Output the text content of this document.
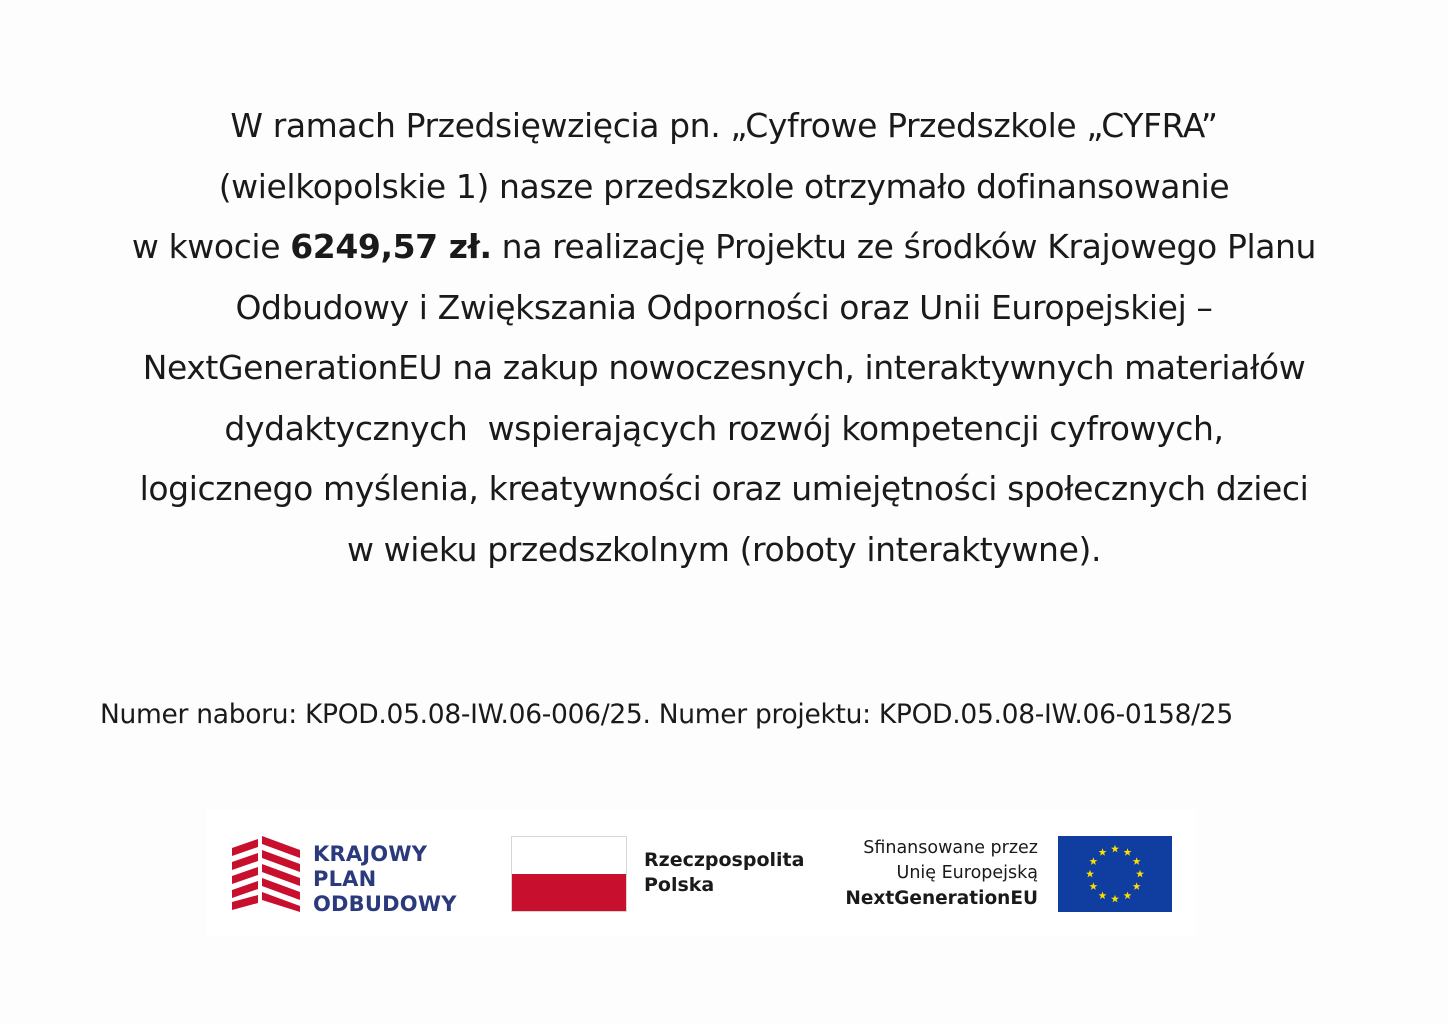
W ramach Przedsięwzięcia pn. „Cyfrowe Przedszkole „CYFRA”
(wielkopolskie 1) nasze przedszkole otrzymało dofinansowanie
w kwocie 6249,57 zł. na realizację Projektu ze środków Krajowego Planu
Odbudowy i Zwiększania Odporności oraz Unii Europejskiej –
NextGenerationEU na zakup nowoczesnych, interaktywnych materiałów
dydaktycznych  wspierających rozwój kompetencji cyfrowych,
logicznego myślenia, kreatywności oraz umiejętności społecznych dzieci
w wieku przedszkolnym (roboty interaktywne).
Numer naboru: KPOD.05.08-IW.06-006/25. Numer projektu: KPOD.05.08-IW.06-0158/25
KRAJOWY
PLAN
ODBUDOWY
Rzeczpospolita
Polska
Sfinansowane przez
Unię Europejską
NextGenerationEU
